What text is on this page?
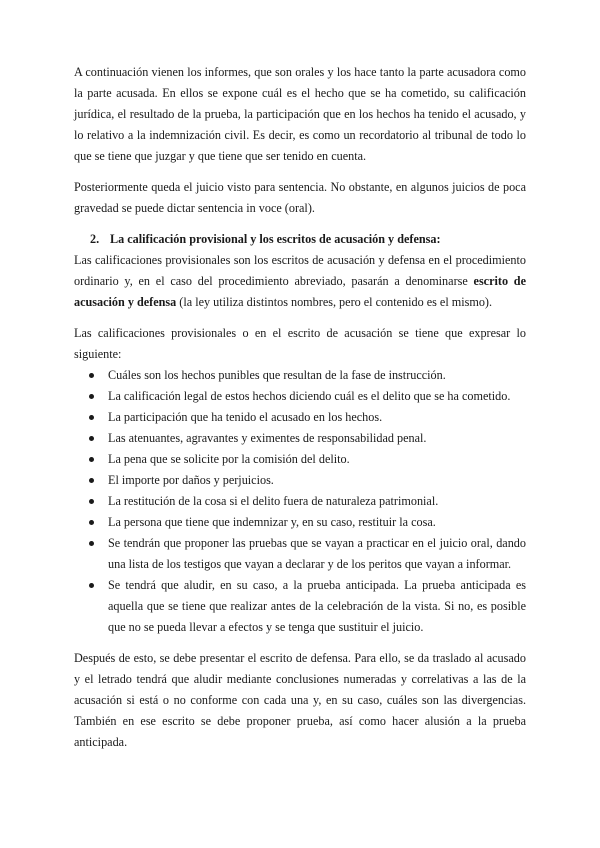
A continuación vienen los informes, que son orales y los hace tanto la parte acusadora como la parte acusada. En ellos se expone cuál es el hecho que se ha cometido, su calificación jurídica, el resultado de la prueba, la participación que en los hechos ha tenido el acusado, y lo relativo a la indemnización civil. Es decir, es como un recordatorio al tribunal de todo lo que se tiene que juzgar y que tiene que ser tenido en cuenta.

Posteriormente queda el juicio visto para sentencia. No obstante, en algunos juicios de poca gravedad se puede dictar sentencia in voce (oral).

2. La calificación provisional y los escritos de acusación y defensa:

Las calificaciones provisionales son los escritos de acusación y defensa en el procedimiento ordinario y, en el caso del procedimiento abreviado, pasarán a denominarse escrito de acusación y defensa (la ley utiliza distintos nombres, pero el contenido es el mismo).

Las calificaciones provisionales o en el escrito de acusación se tiene que expresar lo siguiente:

Cuáles son los hechos punibles que resultan de la fase de instrucción.
La calificación legal de estos hechos diciendo cuál es el delito que se ha cometido.
La participación que ha tenido el acusado en los hechos.
Las atenuantes, agravantes y eximentes de responsabilidad penal.
La pena que se solicite por la comisión del delito.
El importe por daños y perjuicios.
La restitución de la cosa si el delito fuera de naturaleza patrimonial.
La persona que tiene que indemnizar y, en su caso, restituir la cosa.
Se tendrán que proponer las pruebas que se vayan a practicar en el juicio oral, dando una lista de los testigos que vayan a declarar y de los peritos que vayan a informar.
Se tendrá que aludir, en su caso, a la prueba anticipada. La prueba anticipada es aquella que se tiene que realizar antes de la celebración de la vista. Si no, es posible que no se pueda llevar a efectos y se tenga que sustituir el juicio.

Después de esto, se debe presentar el escrito de defensa. Para ello, se da traslado al acusado y el letrado tendrá que aludir mediante conclusiones numeradas y correlativas a las de la acusación si está o no conforme con cada una y, en su caso, cuáles son las divergencias. También en ese escrito se debe proponer prueba, así como hacer alusión a la prueba anticipada.
